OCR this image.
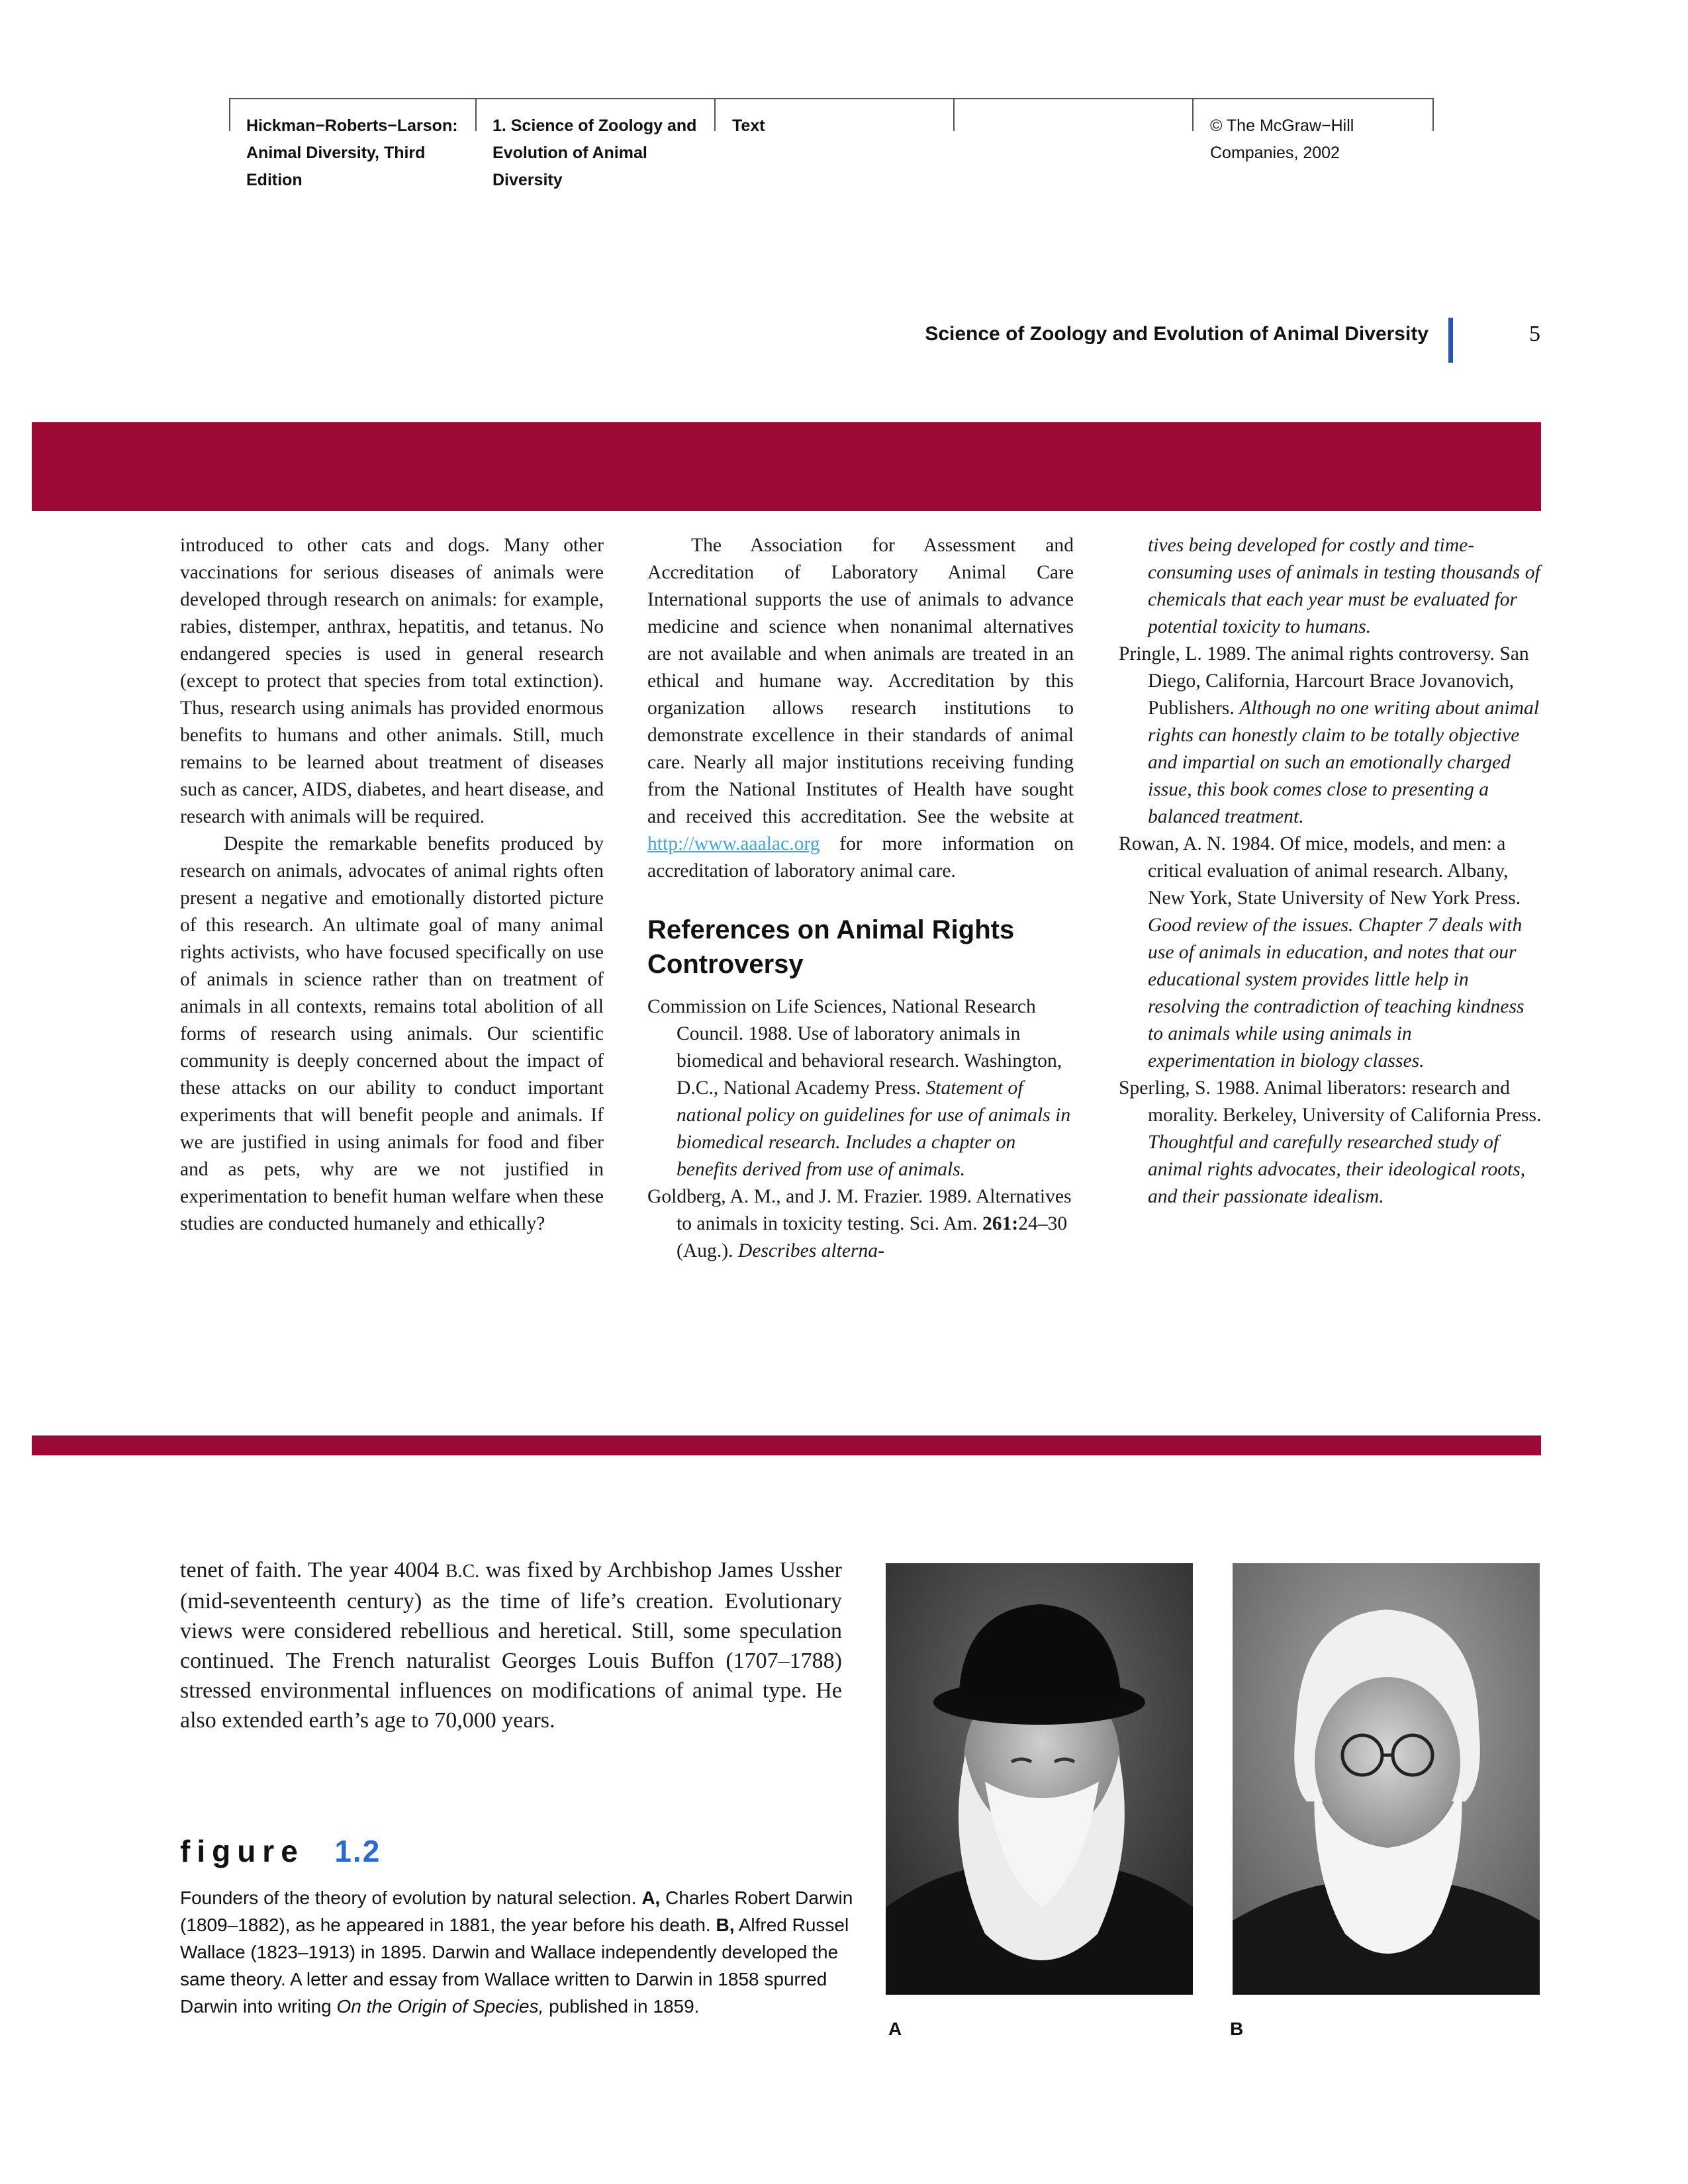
Hickman−Roberts−Larson:
Animal Diversity, Third
Edition
1. Science of Zoology and
Evolution of Animal
Diversity
Text	© The McGraw−Hill
Companies, 2002
Science of Zoology and Evolution of Animal Diversity	5

introduced to other cats and dogs. Many other vaccinations for serious diseases of animals were developed through research on animals: for example, rabies, distemper, anthrax, hepatitis, and tetanus. No endangered species is used in general research (except to protect that species from total extinction). Thus, research using animals has provided enormous benefits to humans and other animals. Still, much remains to be learned about treatment of diseases such as cancer, AIDS, diabetes, and heart disease, and research with animals will be required.

Despite the remarkable benefits produced by research on animals, advocates of animal rights often present a negative and emotionally distorted picture of this research. An ultimate goal of many animal rights activists, who have focused specifically on use of animals in science rather than on treatment of animals in all contexts, remains total abolition of all forms of research using animals. Our scientific community is deeply concerned about the impact of these attacks on our ability to conduct important experiments that will benefit people and animals. If we are justified in using animals for food and fiber and as pets, why are we not justified in experimentation to benefit human welfare when these studies are conducted humanely and ethically?

The Association for Assessment and Accreditation of Laboratory Animal Care International supports the use of animals to advance medicine and science when nonanimal alternatives are not available and when animals are treated in an ethical and humane way. Accreditation by this organization allows research institutions to demonstrate excellence in their standards of animal care. Nearly all major institutions receiving funding from the National Institutes of Health have sought and received this accreditation. See the website at http://www.aaalac.org for more information on accreditation of laboratory animal care.

References on Animal Rights Controversy

Commission on Life Sciences, National Research Council. 1988. Use of laboratory animals in biomedical and behavioral research. Washington, D.C., National Academy Press. Statement of national policy on guidelines for use of animals in biomedical research. Includes a chapter on benefits derived from use of animals.

Goldberg, A. M., and J. M. Frazier. 1989. Alternatives to animals in toxicity testing. Sci. Am. 261:24–30 (Aug.). Describes alterna-

tives being developed for costly and time-consuming uses of animals in testing thousands of chemicals that each year must be evaluated for potential toxicity to humans.

Pringle, L. 1989. The animal rights controversy. San Diego, California, Harcourt Brace Jovanovich, Publishers. Although no one writing about animal rights can honestly claim to be totally objective and impartial on such an emotionally charged issue, this book comes close to presenting a balanced treatment.

Rowan, A. N. 1984. Of mice, models, and men: a critical evaluation of animal research. Albany, New York, State University of New York Press. Good review of the issues. Chapter 7 deals with use of animals in education, and notes that our educational system provides little help in resolving the contradiction of teaching kindness to animals while using animals in experimentation in biology classes.

Sperling, S. 1988. Animal liberators: research and morality. Berkeley, University of California Press. Thoughtful and carefully researched study of animal rights advocates, their ideological roots, and their passionate idealism.

tenet of faith. The year 4004 B.C. was fixed by Archbishop James Ussher (mid-seventeenth century) as the time of life’s creation. Evolutionary views were considered rebellious and heretical. Still, some speculation continued. The French naturalist Georges Louis Buffon (1707–1788) stressed environmental influences on modifications of animal type. He also extended earth’s age to 70,000 years.

figure 1.2

Founders of the theory of evolution by natural selection. A, Charles Robert Darwin (1809–1882), as he appeared in 1881, the year before his death. B, Alfred Russel Wallace (1823–1913) in 1895. Darwin and Wallace independently developed the same theory. A letter and essay from Wallace written to Darwin in 1858 spurred Darwin into writing On the Origin of Species, published in 1859.

A	B
